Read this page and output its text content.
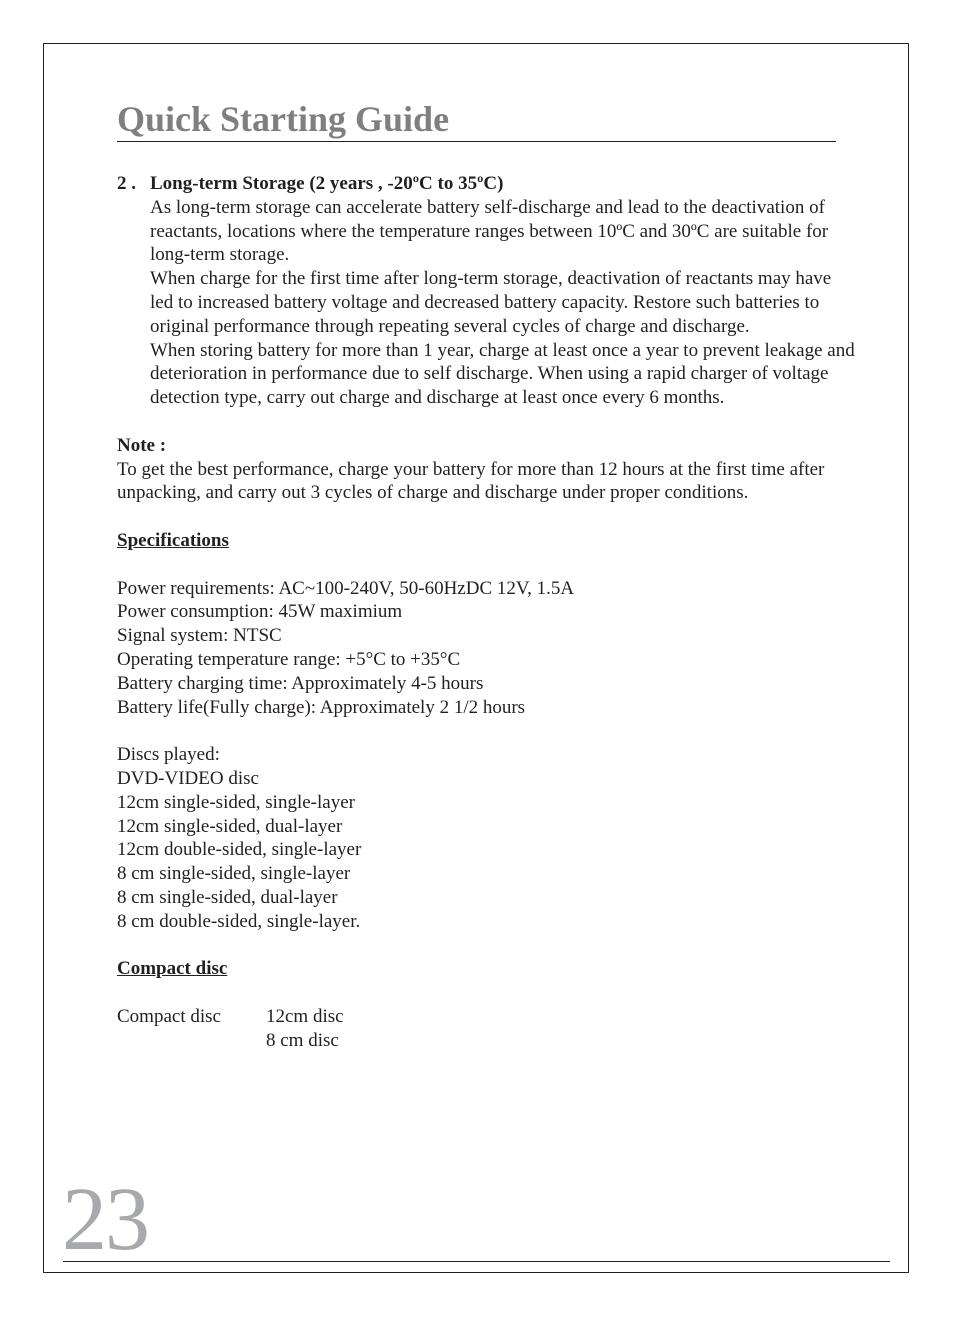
Quick Starting Guide
2 . Long-term Storage (2 years , -20ºC to 35ºC)

As long-term storage can accelerate battery self-discharge and lead to the deactivation of reactants, locations where the temperature ranges between 10ºC and 30ºC are suitable for long-term storage.

When charge for the first time after long-term storage, deactivation of reactants may have led to increased battery voltage and decreased battery capacity. Restore such batteries to original performance through repeating several cycles of charge and discharge.

When storing battery for more than 1 year, charge at least once a year to prevent leakage and deterioration in performance due to self discharge. When using a rapid charger of voltage detection type, carry out charge and discharge at least once every 6 months.

Note :

To get the best performance, charge your battery for more than 12 hours at the first time after unpacking, and carry out 3 cycles of charge and discharge under proper conditions.

Specifications

Power requirements: AC~100-240V, 50-60HzDC 12V, 1.5A
Power consumption: 45W maximium
Signal system: NTSC
Operating temperature range: +5°C to +35°C
Battery charging time: Approximately 4-5 hours
Battery life(Fully charge): Approximately 2 1/2 hours
Discs played:
DVD-VIDEO disc
12cm single-sided, single-layer
12cm single-sided, dual-layer
12cm double-sided, single-layer
8 cm single-sided, single-layer
8 cm single-sided, dual-layer
8 cm double-sided, single-layer.

Compact disc

Compact disc	12cm disc
8 cm disc
23
